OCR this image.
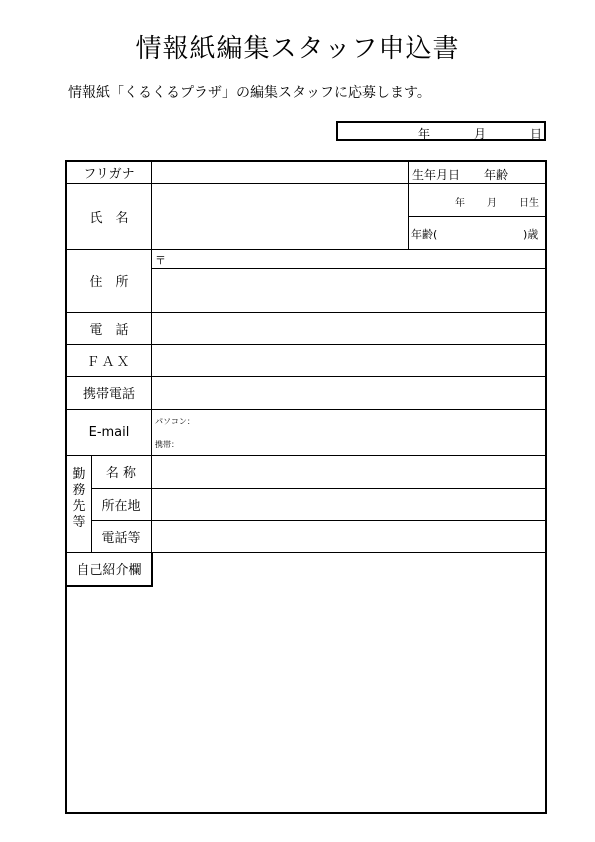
情報紙編集スタッフ申込書
情報紙「くるくるプラザ」の編集スタッフに応募します。
年	月	日
フリガナ
氏　名
生年月日　　年齢
年 月 日生
年齢(	)歳
住　所
〒
電　話
ＦＡＸ
携帯電話
E-mail
パソコン：
携帯：
勤務先等
名 称
所在地
電話等
自己紹介欄
